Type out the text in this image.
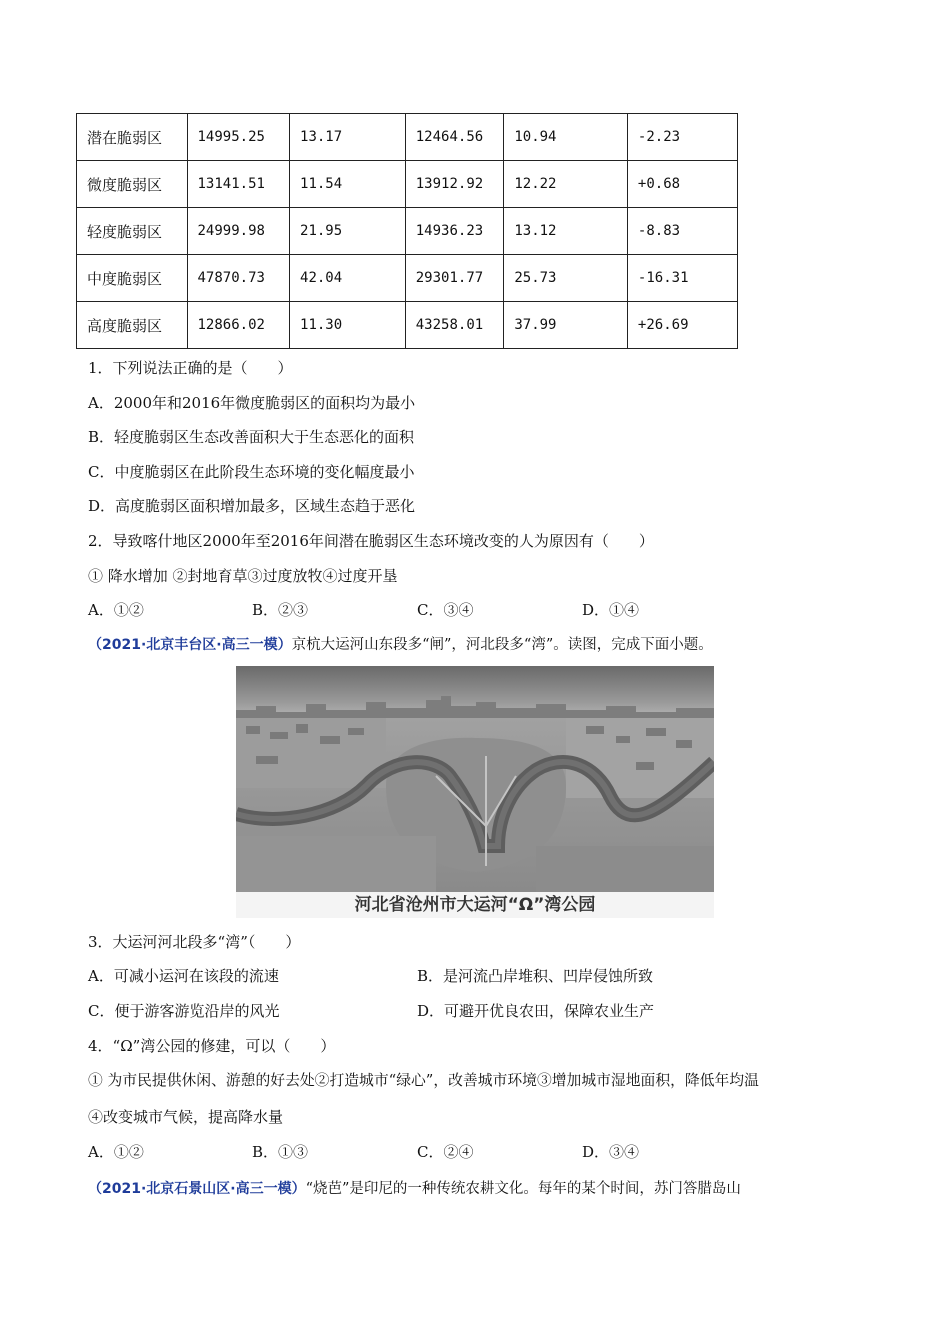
潜在脆弱区	14995.25	13.17	12464.56	10.94	-2.23
微度脆弱区	13141.51	11.54	13912.92	12.22	+0.68
轻度脆弱区	24999.98	21.95	14936.23	13.12	-8.83
中度脆弱区	47870.73	42.04	29301.77	25.73	-16.31
高度脆弱区	12866.02	11.30	43258.01	37.99	+26.69
1．下列说法正确的是（　　）
A．2000年和2016年微度脆弱区的面积均为最小
B．轻度脆弱区生态改善面积大于生态恶化的面积
C．中度脆弱区在此阶段生态环境的变化幅度最小
D．高度脆弱区面积增加最多，区域生态趋于恶化
2．导致喀什地区2000年至2016年间潜在脆弱区生态环境改变的人为原因有（　　）
① 降水增加 ②封地育草③过度放牧④过度开垦
A．①②	B．②③	C．③④	D．①④
（2021·北京丰台区·高三一模）京杭大运河山东段多“闸”，河北段多“湾”。读图，完成下面小题。
河北省沧州市大运河“Ω”湾公园
3．大运河河北段多“湾”（　　）
A．可减小运河在该段的流速	B．是河流凸岸堆积、凹岸侵蚀所致
C．便于游客游览沿岸的风光	D．可避开优良农田，保障农业生产
4．“Ω”湾公园的修建，可以（　　）
① 为市民提供休闲、游憩的好去处②打造城市“绿心”，改善城市环境③增加城市湿地面积，降低年均温
④改变城市气候，提高降水量
A．①②	B．①③	C．②④	D．③④
（2021·北京石景山区·高三一模）“烧芭”是印尼的一种传统农耕文化。每年的某个时间，苏门答腊岛山
